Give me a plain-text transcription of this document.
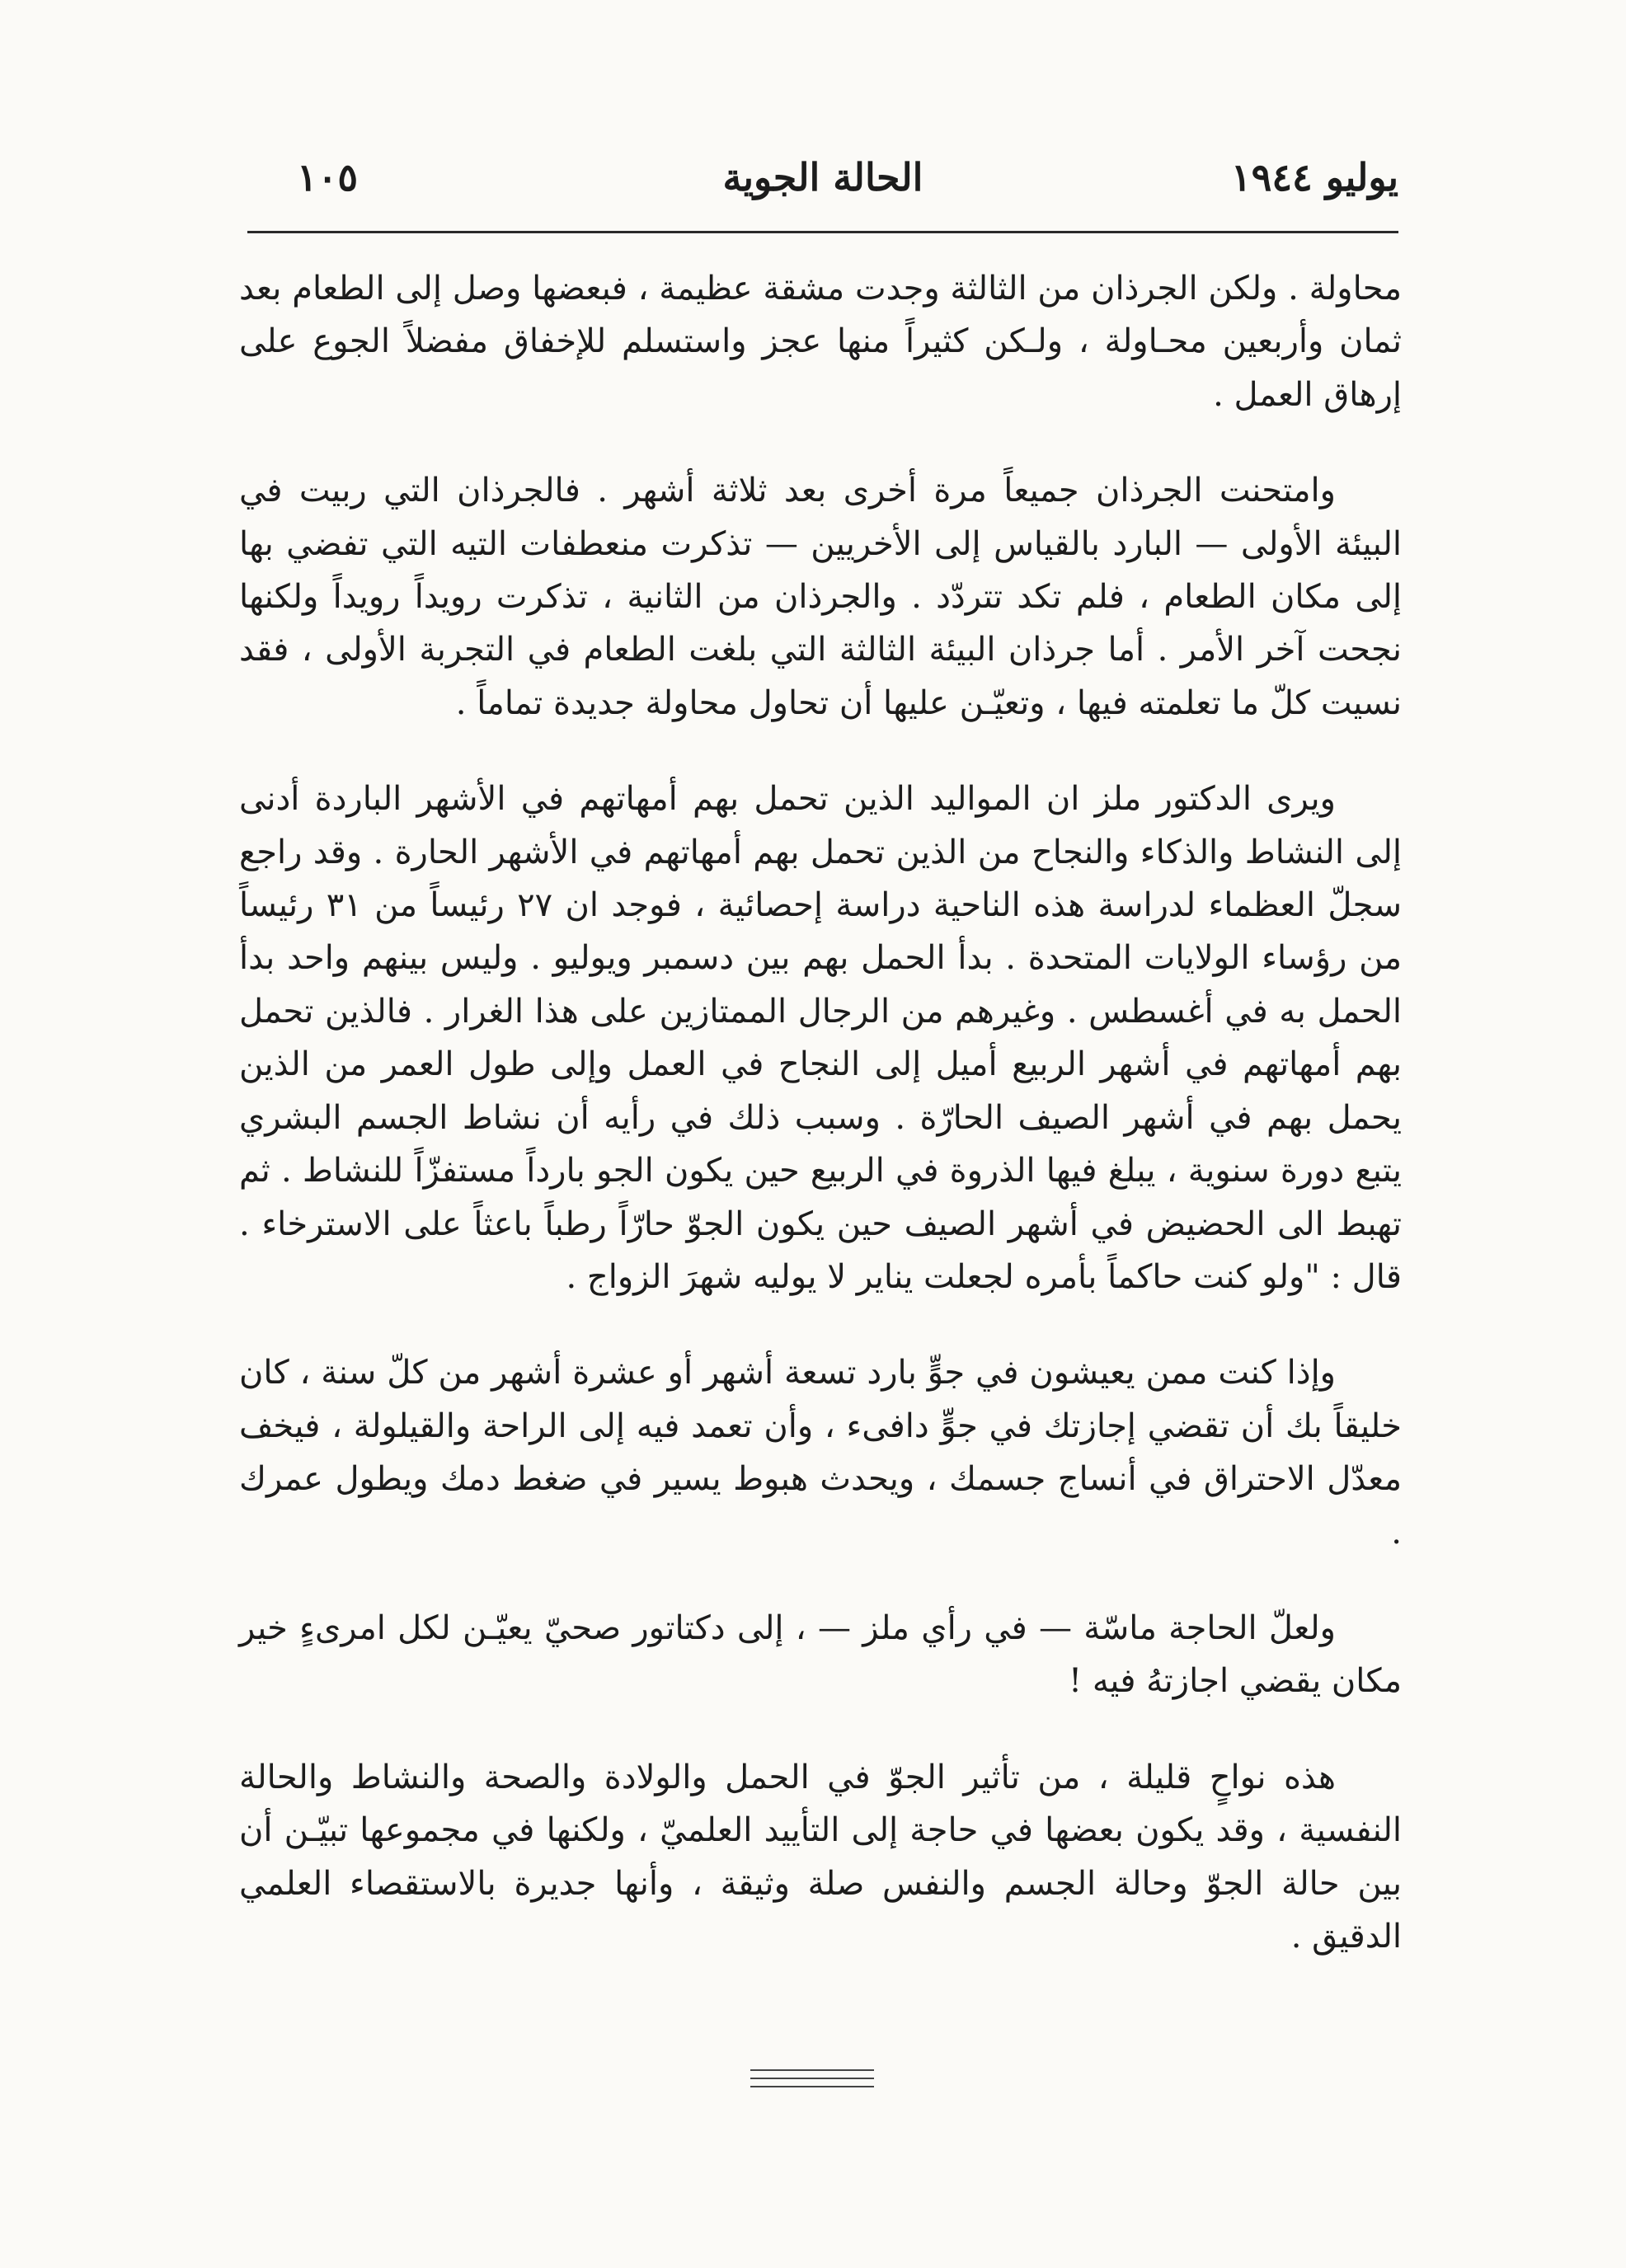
١٠٥	الحالة الجوية	يوليو ١٩٤٤

محاولة . ولكن الجرذان من الثالثة وجدت مشقة عظيمة ، فبعضها وصل إلى الطعام بعد ثمان وأربعين محـاولة ، ولـكن كثيراً منها عجز واستسلم للإخفاق مفضلاً الجوع على إرهاق العمل .

وامتحنت الجرذان جميعاً مرة أخرى بعد ثلاثة أشهر . فالجرذان التي ربيت في البيئة الأولى — البارد بالقياس إلى الأخريين — تذكرت منعطفات التيه التي تفضي بها إلى مكان الطعام ، فلم تكد تتردّد . والجرذان من الثانية ، تذكرت رويداً رويداً ولكنها نجحت آخر الأمر . أما جرذان البيئة الثالثة التي بلغت الطعام في التجربة الأولى ، فقد نسيت كلّ ما تعلمته فيها ، وتعيّـن عليها أن تحاول محاولة جديدة تماماً .

ويرى الدكتور ملز ان المواليد الذين تحمل بهم أمهاتهم في الأشهر الباردة أدنى إلى النشاط والذكاء والنجاح من الذين تحمل بهم أمهاتهم في الأشهر الحارة . وقد راجع سجلّ العظماء لدراسة هذه الناحية دراسة إحصائية ، فوجد ان ٢٧ رئيساً من ٣١ رئيساً من رؤساء الولايات المتحدة . بدأ الحمل بهم بين دسمبر ويوليو . وليس بينهم واحد بدأ الحمل به في أغسطس . وغيرهم من الرجال الممتازين على هذا الغرار . فالذين تحمل بهم أمهاتهم في أشهر الربيع أميل إلى النجاح في العمل وإلى طول العمر من الذين يحمل بهم في أشهر الصيف الحارّة . وسبب ذلك في رأيه أن نشاط الجسم البشري يتبع دورة سنوية ، يبلغ فيها الذروة في الربيع حين يكون الجو بارداً مستفزّاً للنشاط . ثم تهبط الى الحضيض في أشهر الصيف حين يكون الجوّ حارّاً رطباً باعثاً على الاسترخاء . قال : "ولو كنت حاكماً بأمره لجعلت يناير لا يوليه شهرَ الزواج .

وإذا كنت ممن يعيشون في جوٍّ بارد تسعة أشهر أو عشرة أشهر من كلّ سنة ، كان خليقاً بك أن تقضي إجازتك في جوٍّ دافىء ، وأن تعمد فيه إلى الراحة والقيلولة ، فيخف معدّل الاحتراق في أنساج جسمك ، ويحدث هبوط يسير في ضغط دمك ويطول عمرك .

ولعلّ الحاجة ماسّة — في رأي ملز — ، إلى دكتاتور صحيّ يعيّـن لكل امرىءٍ خير مكان يقضي اجازتهُ فيه !

هذه نواحٍ قليلة ، من تأثير الجوّ في الحمل والولادة والصحة والنشاط والحالة النفسية ، وقد يكون بعضها في حاجة إلى التأييد العلميّ ، ولكنها في مجموعها تبيّـن أن بين حالة الجوّ وحالة الجسم والنفس صلة وثيقة ، وأنها جديرة بالاستقصاء العلمي الدقيق .
